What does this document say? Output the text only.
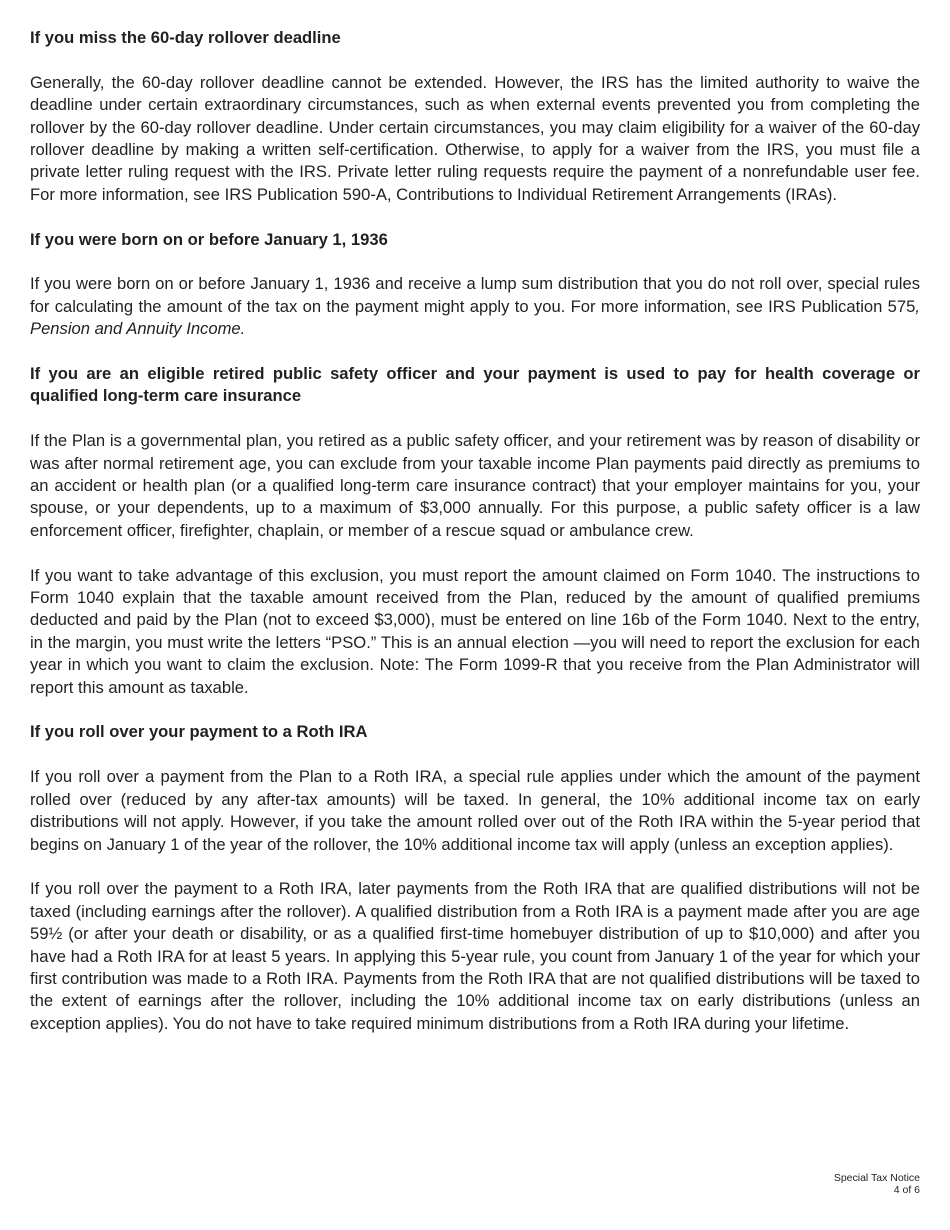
If you miss the 60-day rollover deadline

Generally, the 60-day rollover deadline cannot be extended. However, the IRS has the limited authority to waive the deadline under certain extraordinary circumstances, such as when external events prevented you from completing the rollover by the 60-day rollover deadline. Under certain circumstances, you may claim eligibility for a waiver of the 60-day rollover deadline by making a written self-certification. Otherwise, to apply for a waiver from the IRS, you must file a private letter ruling request with the IRS. Private letter ruling requests require the payment of a nonrefundable user fee. For more information, see IRS Publication 590-A, Contributions to Individual Retirement Arrangements (IRAs).

If you were born on or before January 1, 1936

If you were born on or before January 1, 1936 and receive a lump sum distribution that you do not roll over, special rules for calculating the amount of the tax on the payment might apply to you. For more information, see IRS Publication 575, Pension and Annuity Income.

If you are an eligible retired public safety officer and your payment is used to pay for health coverage or qualified long-term care insurance

If the Plan is a governmental plan, you retired as a public safety officer, and your retirement was by reason of disability or was after normal retirement age, you can exclude from your taxable income Plan payments paid directly as premiums to an accident or health plan (or a qualified long-term care insurance contract) that your employer maintains for you, your spouse, or your dependents, up to a maximum of $3,000 annually. For this purpose, a public safety officer is a law enforcement officer, firefighter, chaplain, or member of a rescue squad or ambulance crew.

If you want to take advantage of this exclusion, you must report the amount claimed on Form 1040. The instructions to Form 1040 explain that the taxable amount received from the Plan, reduced by the amount of qualified premiums deducted and paid by the Plan (not to exceed $3,000), must be entered on line 16b of the Form 1040. Next to the entry, in the margin, you must write the letters “PSO.” This is an annual election —you will need to report the exclusion for each year in which you want to claim the exclusion. Note: The Form 1099-R that you receive from the Plan Administrator will report this amount as taxable.

If you roll over your payment to a Roth IRA

If you roll over a payment from the Plan to a Roth IRA, a special rule applies under which the amount of the payment rolled over (reduced by any after-tax amounts) will be taxed. In general, the 10% additional income tax on early distributions will not apply. However, if you take the amount rolled over out of the Roth IRA within the 5-year period that begins on January 1 of the year of the rollover, the 10% additional income tax will apply (unless an exception applies).

If you roll over the payment to a Roth IRA, later payments from the Roth IRA that are qualified distributions will not be taxed (including earnings after the rollover). A qualified distribution from a Roth IRA is a payment made after you are age 59½ (or after your death or disability, or as a qualified first-time homebuyer distribution of up to $10,000) and after you have had a Roth IRA for at least 5 years. In applying this 5-year rule, you count from January 1 of the year for which your first contribution was made to a Roth IRA. Payments from the Roth IRA that are not qualified distributions will be taxed to the extent of earnings after the rollover, including the 10% additional income tax on early distributions (unless an exception applies). You do not have to take required minimum distributions from a Roth IRA during your lifetime.

Special Tax Notice
4 of 6
